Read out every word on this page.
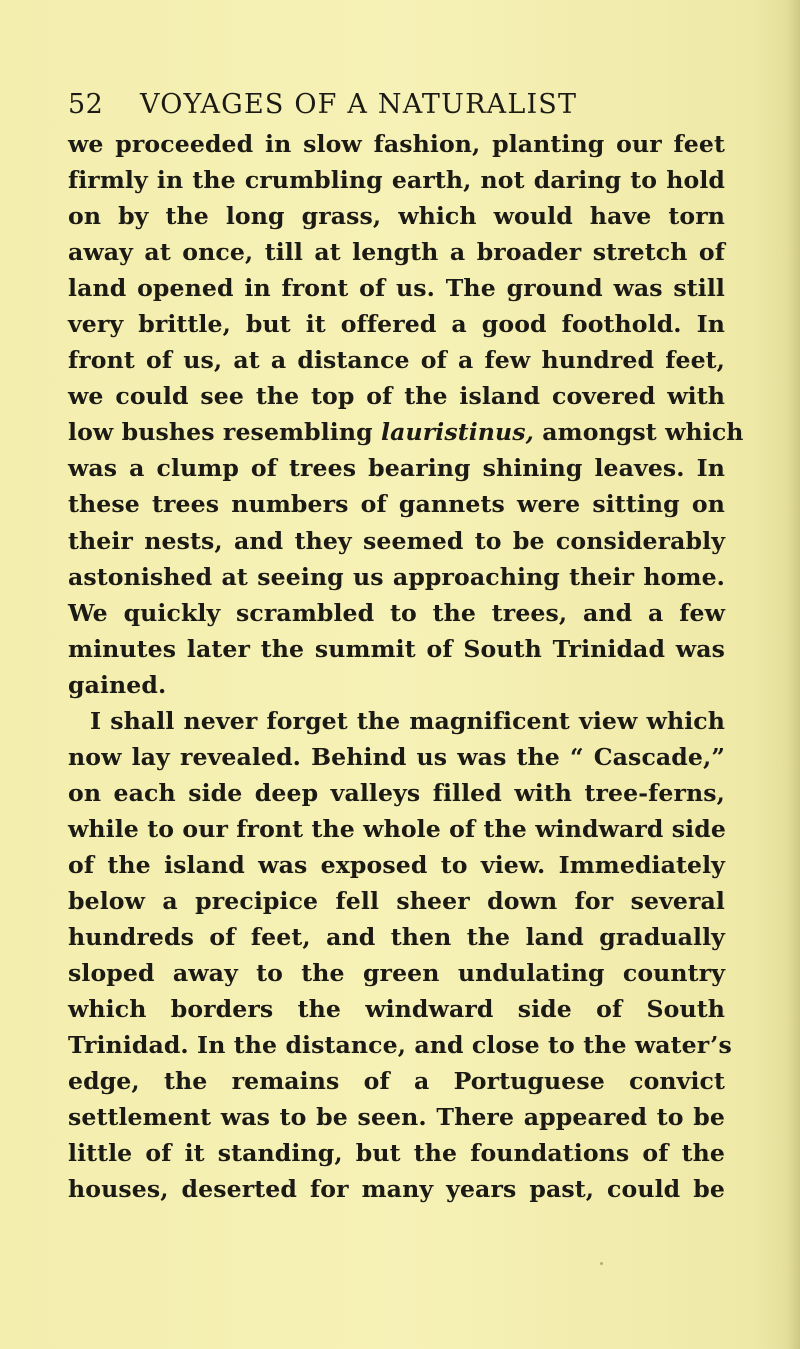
52 VOYAGES OF A NATURALIST
we proceeded in slow fashion, planting our feet
firmly in the crumbling earth, not daring to hold
on by the long grass, which would have torn
away at once, till at length a broader stretch of
land opened in front of us. The ground was still
very brittle, but it offered a good foothold. In
front of us, at a distance of a few hundred feet,
we could see the top of the island covered with
low bushes resembling lauristinus, amongst which
was a clump of trees bearing shining leaves. In
these trees numbers of gannets were sitting on
their nests, and they seemed to be considerably
astonished at seeing us approaching their home.
We quickly scrambled to the trees, and a few
minutes later the summit of South Trinidad was
gained.
I shall never forget the magnificent view which
now lay revealed. Behind us was the “ Cascade,”
on each side deep valleys filled with tree-ferns,
while to our front the whole of the windward side
of the island was exposed to view. Immediately
below a precipice fell sheer down for several
hundreds of feet, and then the land gradually
sloped away to the green undulating country
which borders the windward side of South
Trinidad. In the distance, and close to the water’s
edge, the remains of a Portuguese convict
settlement was to be seen. There appeared to be
little of it standing, but the foundations of the
houses, deserted for many years past, could be
